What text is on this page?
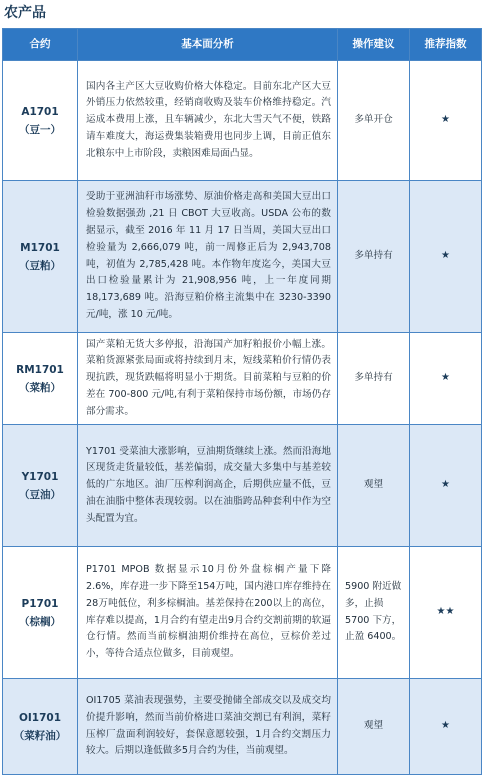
农产品
合约	基本面分析	操作建议	推荐指数

A1701
（豆一）	国内各主产区大豆收购价格大体稳定。目前东北产区大豆外销压力依然较重，经销商收购及装车价格维持稳定。汽运成本费用上涨，且车辆减少，东北大雪天气不便，铁路请车难度大，海运费集装箱费用也同步上调，目前正值东北粮东中上市阶段，卖粮困难局面凸显。	多单开仓	★

M1701
（豆粕）	受助于亚洲油秆市场涨势、原油价格走高和美国大豆出口检验数据强劲 ,21 日 CBOT 大豆收高。USDA 公布的数据显示，截至 2016 年 11 月 17 日当周，美国大豆出口检验量为 2,666,079 吨，前一周修正后为 2,943,708 吨，初值为 2,785,428 吨。本作物年度迄今，美国大豆出口检验量累计为 21,908,956 吨，上一年度同期 18,173,689 吨。沿海豆粕价格主流集中在 3230-3390 元/吨，涨 10 元/吨。	多单持有	★

RM1701
（菜粕）	国产菜粕无货大多停报，沿海国产加籽粕报价小幅上涨。菜粕货源紧张局面或将持续到月末，短线菜粕价行情仍表现抗跌，现货跌幅将明显小于期货。目前菜粕与豆粕的价差在 700-800 元/吨,有利于菜粕保持市场份额，市场仍存部分需求。	多单持有	★

Y1701
（豆油）	Y1701 受菜油大涨影响，豆油期货继续上涨。然而沿海地区现货走货量较低，基差偏弱，成交量大多集中与基差较低的广东地区。油厂压榨利润高企，后期供应量不低，豆油在油脂中整体表现较弱。以在油脂跨品种套利中作为空头配置为宜。	观望	★

P1701
（棕榈）	P1701 MPOB 数据显示10月份外盘棕榈产量下降 2.6%，库存进一步下降至154万吨，国内港口库存维持在28万吨低位，利多棕榈油。基差保持在200以上的高位，库存难以提高，1月合约有望走出9月合约交割前期的软逼仓行情。然而当前棕榈油期价维持在高位，豆棕价差过小，等待合适点位做多，目前观望。	5900 附近做多，止损 5700 下方，止盈 6400。	★★

OI1701
（菜籽油）	OI1705 菜油表现强势，主要受抛储全部成交以及成交均价提升影响，然而当前价格进口菜油交割已有利润，菜籽压榨厂盘面利润较好，套保意愿较强，1月合约交割压力较大。后期以逢低做多5月合约为佳，当前观望。	观望	★
